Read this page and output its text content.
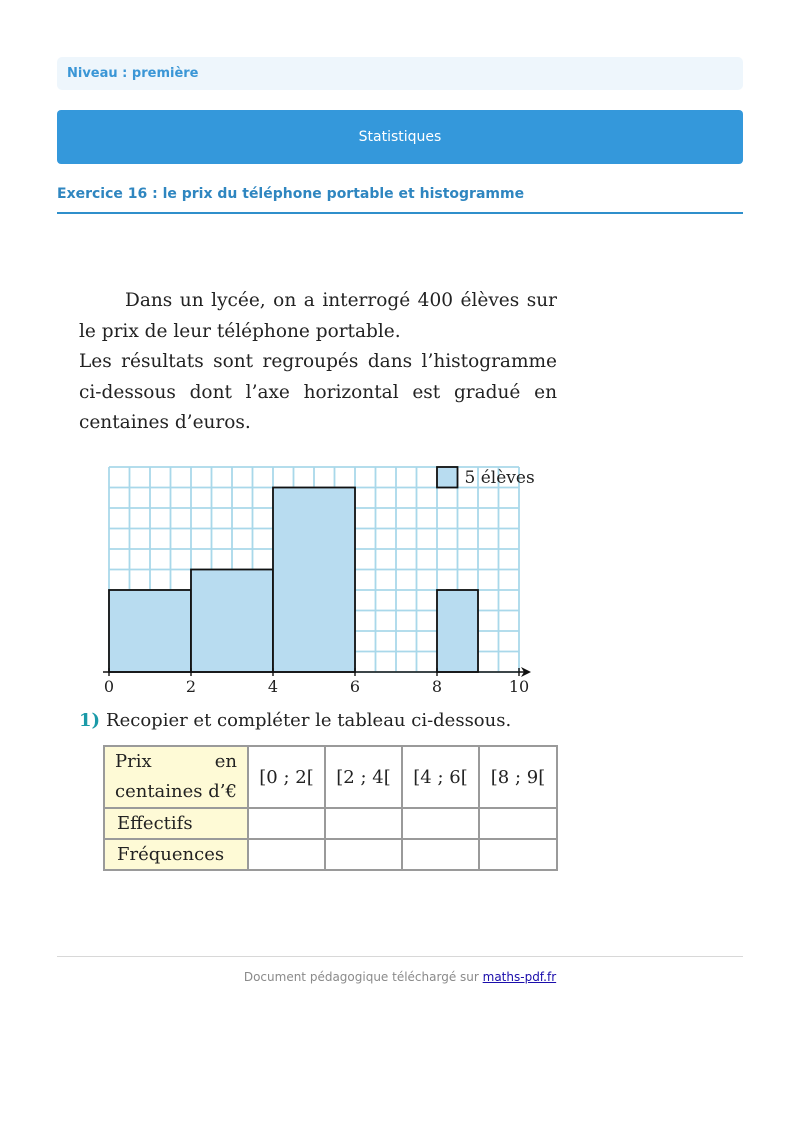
Niveau : première
Statistiques
Exercice 16 : le prix du téléphone portable et histogramme

Dans un lycée, on a interrogé 400 élèves sur le prix de leur téléphone portable.

Les résultats sont regroupés dans l’histogramme ci-dessous dont l’axe horizontal est gradué en centaines d’euros.

0	2	4	6	8	10
5 élèves
1) Recopier et compléter le tableau ci-dessous.
Prix en centaines d’€	[0 ; 2[	[2 ; 4[	[4 ; 6[	[8 ; 9[
Effectifs				
Fréquences				
Document pédagogique téléchargé sur maths-pdf.fr
